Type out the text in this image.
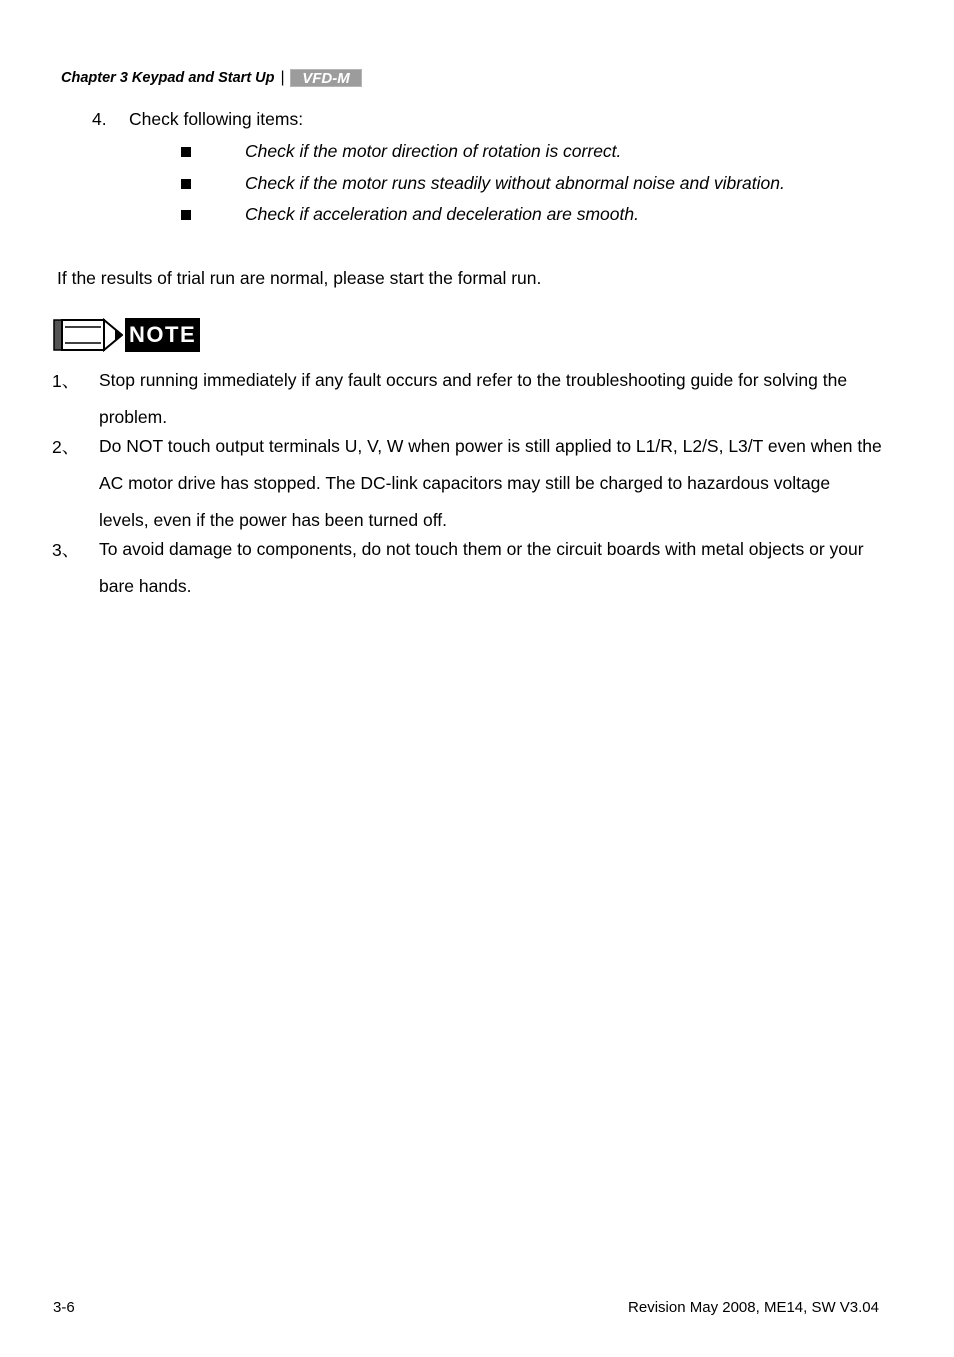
Chapter 3 Keypad and Start Up | VFD-M
4. Check following items:
Check if the motor direction of rotation is correct.
Check if the motor runs steadily without abnormal noise and vibration.
Check if acceleration and deceleration are smooth.
If the results of trial run are normal, please start the formal run.
NOTE
1、	Stop running immediately if any fault occurs and refer to the troubleshooting guide for solving the problem.
2、	Do NOT touch output terminals U, V, W when power is still applied to L1/R, L2/S, L3/T even when the AC motor drive has stopped. The DC-link capacitors may still be charged to hazardous voltage levels, even if the power has been turned off.
3、	To avoid damage to components, do not touch them or the circuit boards with metal objects or your bare hands.
3-6	Revision May 2008, ME14, SW V3.04
